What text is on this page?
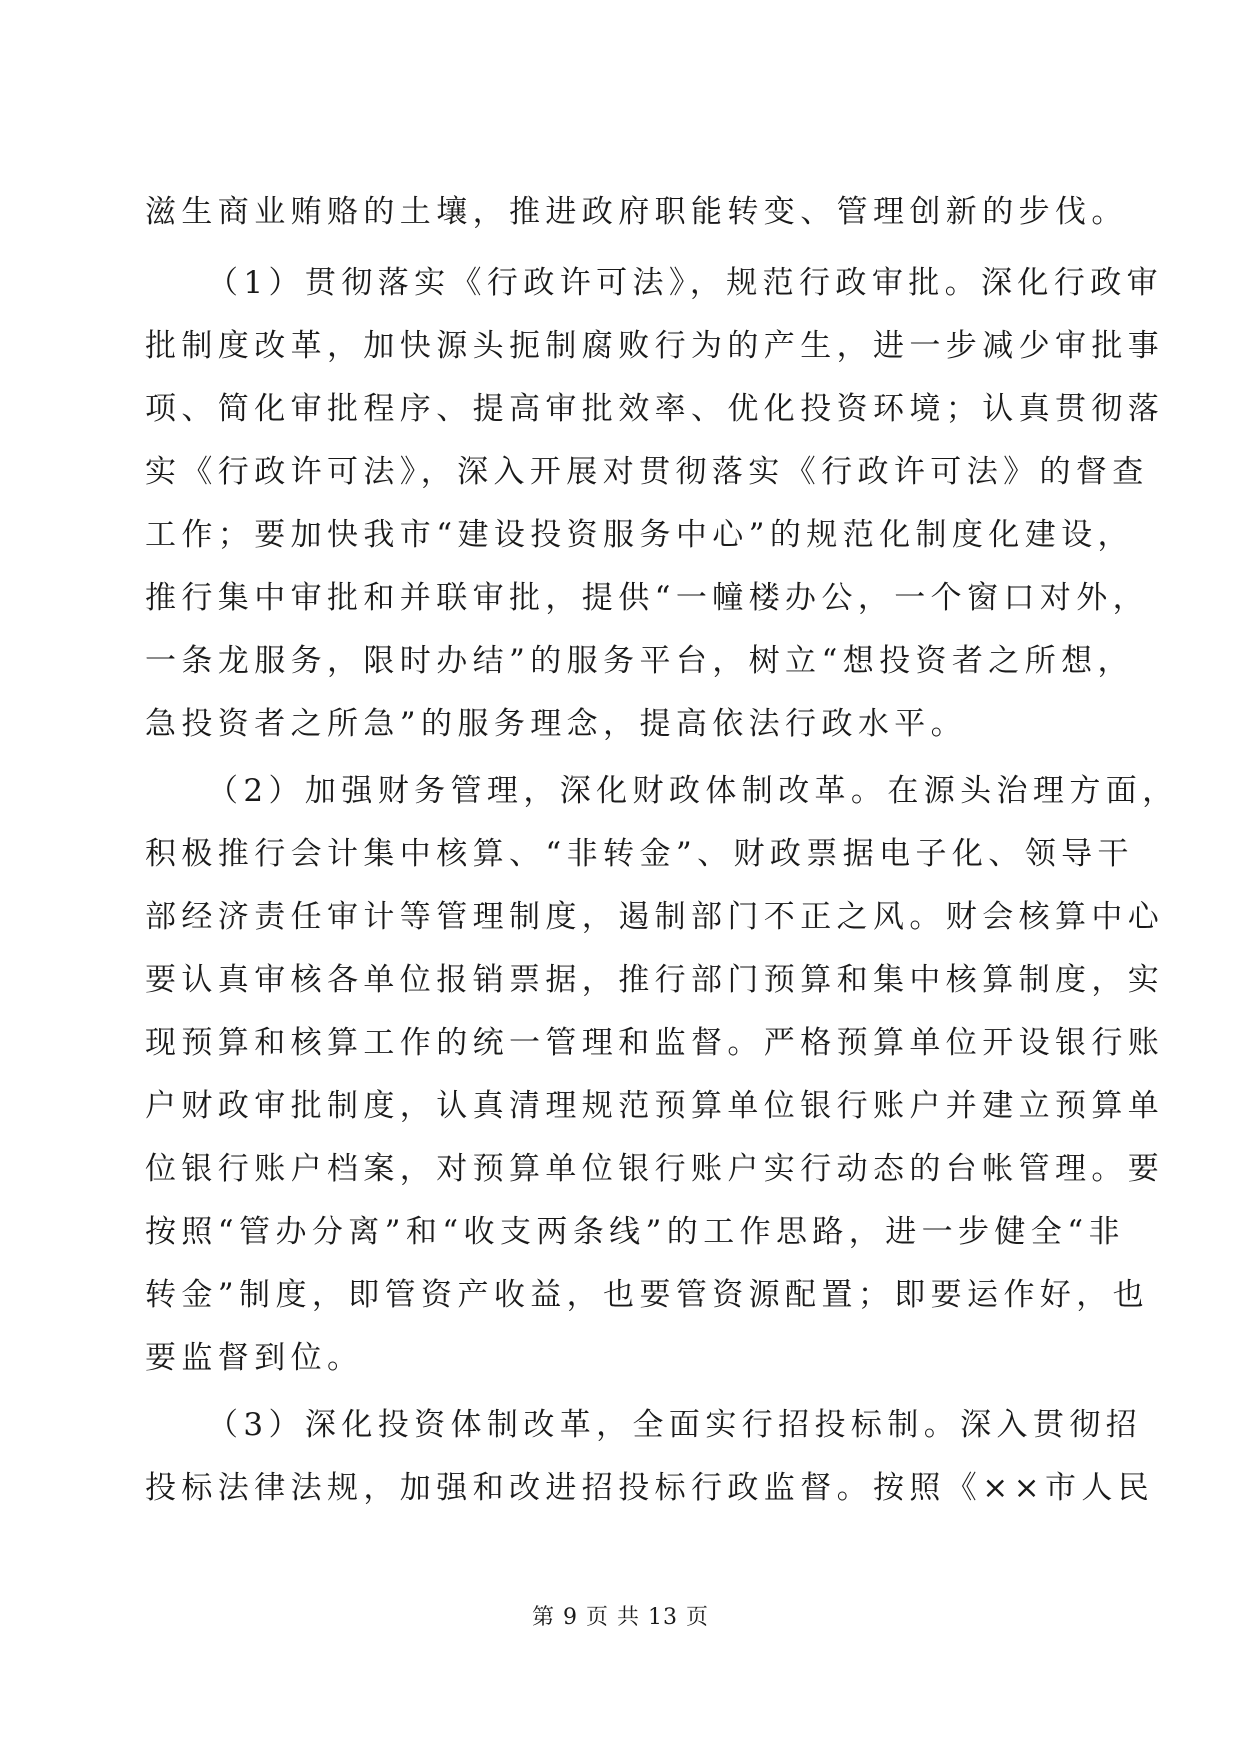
滋生商业贿赂的土壤，推进政府职能转变、管理创新的步伐。
（1）贯彻落实《行政许可法》，规范行政审批。深化行政审
批制度改革，加快源头扼制腐败行为的产生，进一步减少审批事
项、简化审批程序、提高审批效率、优化投资环境；认真贯彻落
实《行政许可法》，深入开展对贯彻落实《行政许可法》的督查
工作；要加快我市“建设投资服务中心”的规范化制度化建设，
推行集中审批和并联审批，提供“一幢楼办公，一个窗口对外，
一条龙服务，限时办结”的服务平台，树立“想投资者之所想，
急投资者之所急”的服务理念，提高依法行政水平。
（2）加强财务管理，深化财政体制改革。在源头治理方面，
积极推行会计集中核算、“非转金”、财政票据电子化、领导干
部经济责任审计等管理制度，遏制部门不正之风。财会核算中心
要认真审核各单位报销票据，推行部门预算和集中核算制度，实
现预算和核算工作的统一管理和监督。严格预算单位开设银行账
户财政审批制度，认真清理规范预算单位银行账户并建立预算单
位银行账户档案，对预算单位银行账户实行动态的台帐管理。要
按照“管办分离”和“收支两条线”的工作思路，进一步健全“非
转金”制度，即管资产收益，也要管资源配置；即要运作好，也
要监督到位。
（3）深化投资体制改革，全面实行招投标制。深入贯彻招
投标法律法规，加强和改进招投标行政监督。按照《××市人民
第 9 页 共 13 页
